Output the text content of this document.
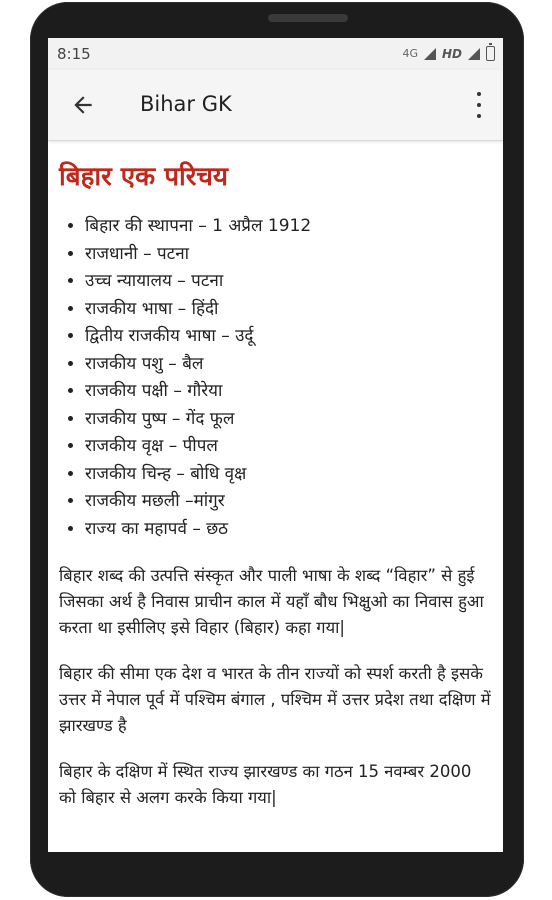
8:15	4G HD
Bihar GK
बिहार एक परिचय
• बिहार की स्थापना – 1 अप्रैल 1912
• राजधानी – पटना
• उच्च न्यायालय – पटना
• राजकीय भाषा – हिंदी
• द्वितीय राजकीय भाषा – उर्दू
• राजकीय पशु – बैल
• राजकीय पक्षी – गौरेया
• राजकीय पुष्प – गेंद फूल
• राजकीय वृक्ष – पीपल
• राजकीय चिन्ह – बोधि वृक्ष
• राजकीय मछली –मांगुर
• राज्य का महापर्व – छठ

बिहार शब्द की उत्पत्ति संस्कृत और पाली भाषा के शब्द “विहार” से हुई जिसका अर्थ है निवास प्राचीन काल में यहाँ बौध भिक्षुओ का निवास हुआ करता था इसीलिए इसे विहार (बिहार) कहा गया|

बिहार की सीमा एक देश व भारत के तीन राज्यों को स्पर्श करती है इसके उत्तर में नेपाल पूर्व में पश्चिम बंगाल , पश्चिम में उत्तर प्रदेश तथा दक्षिण में झारखण्ड है

बिहार के दक्षिण में स्थित राज्य झारखण्ड का गठन 15 नवम्बर 2000 को बिहार से अलग करके किया गया|
